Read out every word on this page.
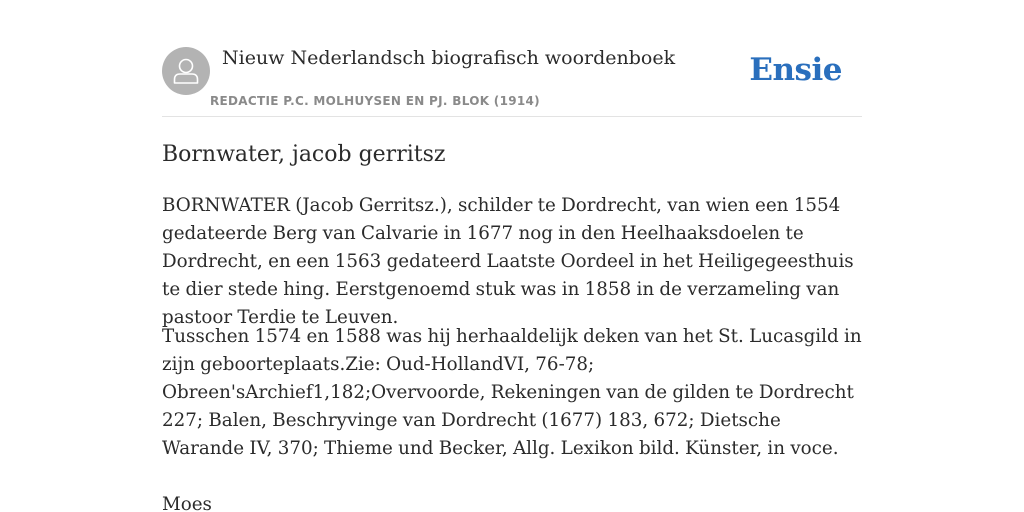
Nieuw Nederlandsch biografisch woordenboek
REDACTIE P.C. MOLHUYSEN EN PJ. BLOK (1914)
Ensie
Bornwater, jacob gerritsz

BORNWATER (Jacob Gerritsz.), schilder te Dordrecht, van wien een 1554 gedateerde Berg van Calvarie in 1677 nog in den Heelhaaksdoelen te Dordrecht, en een 1563 gedateerd Laatste Oordeel in het Heiligegeesthuis te dier stede hing. Eerstgenoemd stuk was in 1858 in de verzameling van pastoor Terdie te Leuven.

Tusschen 1574 en 1588 was hij herhaaldelijk deken van het St. Lucasgild in zijn geboorteplaats.Zie: Oud-HollandVI, 76-78; Obreen'sArchief1,182;Overvoorde, Rekeningen van de gilden te Dordrecht 227; Balen, Beschryvinge van Dordrecht (1677) 183, 672; Dietsche Warande IV, 370; Thieme und Becker, Allg. Lexikon bild. Künster, in voce.

Moes
